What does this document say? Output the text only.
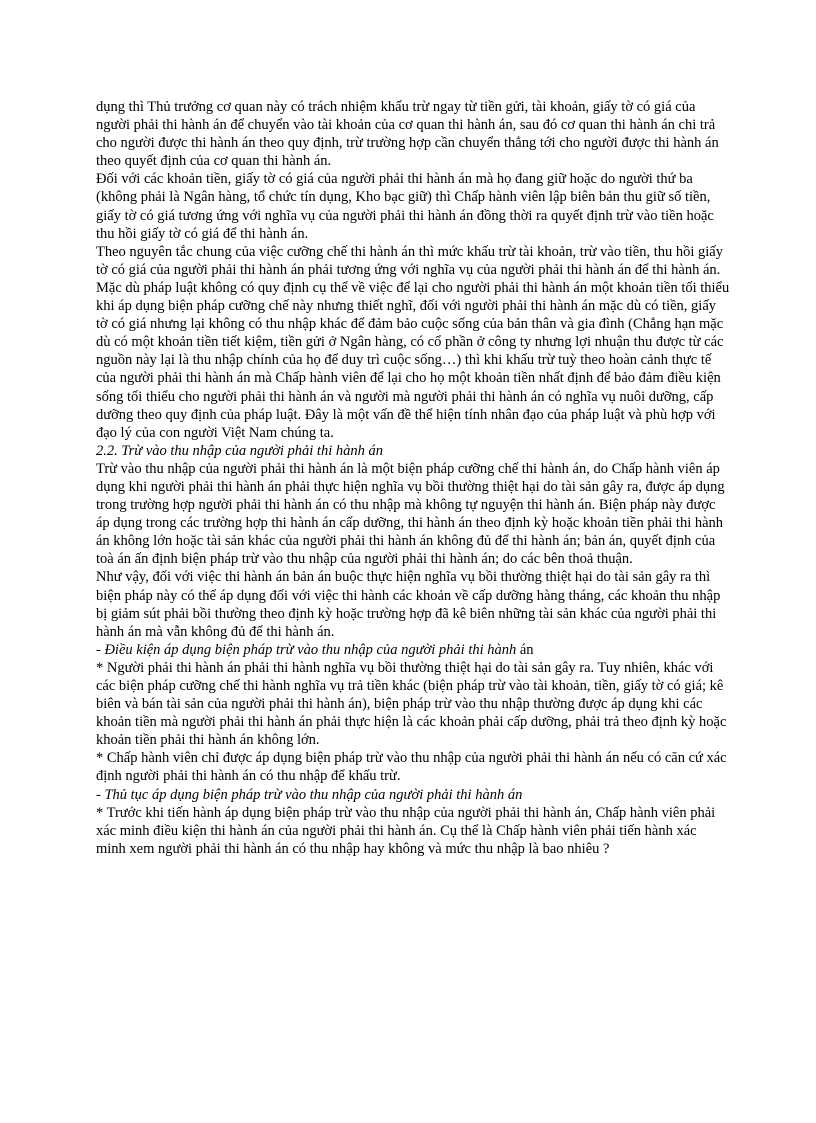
dụng thì Thủ trưởng cơ quan này có trách nhiệm khấu trừ ngay từ tiền gửi, tài khoản, giấy tờ có giá của người phải thi hành án để chuyển vào tài khoản của cơ quan thi hành án, sau đó cơ quan thi hành án chi trả cho người được thi hành án theo quy định, trừ trường hợp cần chuyển thẳng tới cho người được thi hành án theo quyết định của cơ quan thi hành án.

Đối với các khoản tiền, giấy tờ có giá của người phải thi hành án mà họ đang giữ hoặc do người thứ ba (không phải là Ngân hàng, tổ chức tín dụng, Kho bạc giữ) thì Chấp hành viên lập biên bản thu giữ số tiền, giấy tờ có giá tương ứng với nghĩa vụ của người phải thi hành án đồng thời ra quyết định trừ vào tiền hoặc thu hồi giấy tờ có giá để thi hành án.

Theo nguyên tắc chung của việc cưỡng chế thi hành án thì mức khấu trừ tài khoản, trừ vào tiền, thu hồi giấy tờ có giá của người phải thi hành án phải tương ứng với nghĩa vụ của người phải thi hành án để thi hành án. Mặc dù pháp luật không có quy định cụ thể về việc để lại cho người phải thi hành án một khoản tiền tối thiểu khi áp dụng biện pháp cưỡng chế này nhưng thiết nghĩ, đối với người phải thi hành án mặc dù có tiền, giấy tờ có giá nhưng lại không có thu nhập khác để đảm bảo cuộc sống của bản thân và gia đình (Chẳng hạn mặc dù có một khoản tiền tiết kiệm, tiền gửi ở Ngân hàng, có cổ phần ở công ty nhưng lợi nhuận thu được từ các nguồn này lại là thu nhập chính của họ để duy trì cuộc sống…) thì khi khấu trừ tuỳ theo hoàn cảnh thực tế của người phải thi hành án mà Chấp hành viên để lại cho họ một khoản tiền nhất định để bảo đảm điều kiện sống tối thiểu cho người phải thi hành án và người mà người phải thi hành án có nghĩa vụ nuôi dưỡng, cấp dưỡng theo quy định của pháp luật. Đây là một vấn đề thể hiện tính nhân đạo của pháp luật và phù hợp với đạo lý của con người Việt Nam chúng ta.

2.2. Trừ vào thu nhập của người phải thi hành án

Trừ vào thu nhập của người phải thi hành án là một biện pháp cưỡng chế thi hành án, do Chấp hành viên áp dụng khi người phải thi hành án phải thực hiện nghĩa vụ bồi thường thiệt hại do tài sản gây ra, được áp dụng trong trường hợp người phải thi hành án có thu nhập mà không tự nguyện thi hành án. Biện pháp này được áp dụng trong các trường hợp thi hành án cấp dưỡng, thi hành án theo định kỳ hoặc khoản tiền phải thi hành án không lớn hoặc tài sản khác của người phải thi hành án không đủ để thi hành án; bản án, quyết định của toà án ấn định biện pháp trừ vào thu nhập của người phải thi hành án; do các bên thoả thuận.

Như vậy, đối với việc thi hành án bản án buộc thực hiện nghĩa vụ bồi thường thiệt hại do tài sản gây ra thì biện pháp này có thể áp dụng đối với việc thi hành các khoản về cấp dưỡng hàng tháng, các khoản thu nhập bị giảm sút phải bồi thường theo định kỳ hoặc trường hợp đã kê biên những tài sản khác của người phải thi hành án mà vẫn không đủ để thi hành án.

- Điều kiện áp dụng biện pháp trừ vào thu nhập của người phải thi hành án

* Người phải thi hành án phải thi hành nghĩa vụ bồi thường thiệt hại do tài sản gây ra. Tuy nhiên, khác với các biện pháp cưỡng chế thi hành nghĩa vụ trả tiền khác (biện pháp trừ vào tài khoản, tiền, giấy tờ có giá; kê biên và bán tài sản của người phải thi hành án), biện pháp trừ vào thu nhập thường được áp dụng khi các khoản tiền mà người phải thi hành án phải thực hiện là các khoản phải cấp dưỡng, phải trả theo định kỳ hoặc khoản tiền phải thi hành án không lớn.

* Chấp hành viên chỉ được áp dụng biện pháp trừ vào thu nhập của người phải thi hành án nếu có căn cứ xác định người phải thi hành án có thu nhập để khấu trừ.

- Thủ tục áp dụng biện pháp trừ vào thu nhập của người phải thi hành án

* Trước khi tiến hành áp dụng biện pháp trừ vào thu nhập của người phải thi hành án, Chấp hành viên phải xác minh điều kiện thi hành án của người phải thi hành án. Cụ thể là Chấp hành viên phải tiến hành xác minh xem người phải thi hành án có thu nhập hay không và mức thu nhập là bao nhiêu ?
